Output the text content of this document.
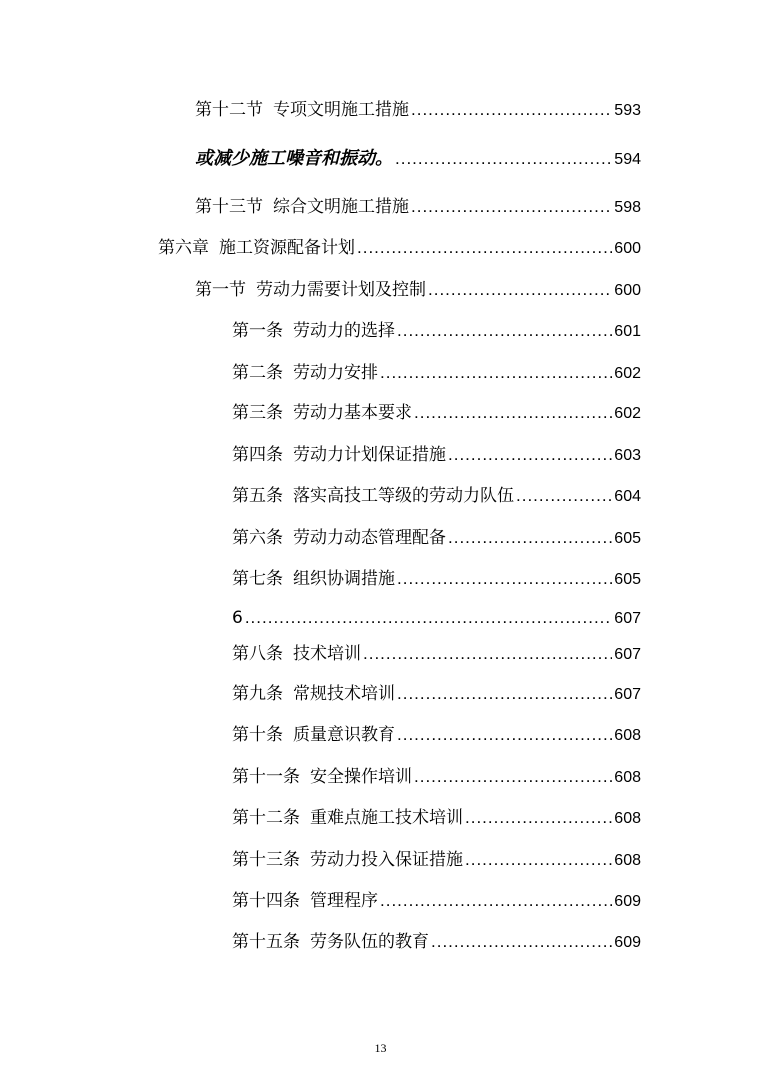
第十二节 专项文明施工措施 .....	593
或减少施工噪音和振动。 .....	594
第十三节 综合文明施工措施 .....	598
第六章 施工资源配备计划 .....	600
第一节 劳动力需要计划及控制 .....	600
第一条 劳动力的选择 .....	601
第二条 劳动力安排 .....	602
第三条 劳动力基本要求 .....	602
第四条 劳动力计划保证措施 .....	603
第五条 落实高技工等级的劳动力队伍 .....	604
第六条 劳动力动态管理配备 .....	605
第七条 组织协调措施 .....	605
6 .....	607
第八条 技术培训 .....	607
第九条 常规技术培训 .....	607
第十条 质量意识教育 .....	608
第十一条 安全操作培训 .....	608
第十二条 重难点施工技术培训 .....	608
第十三条 劳动力投入保证措施 .....	608
第十四条 管理程序 .....	609
第十五条 劳务队伍的教育 .....	609
13
